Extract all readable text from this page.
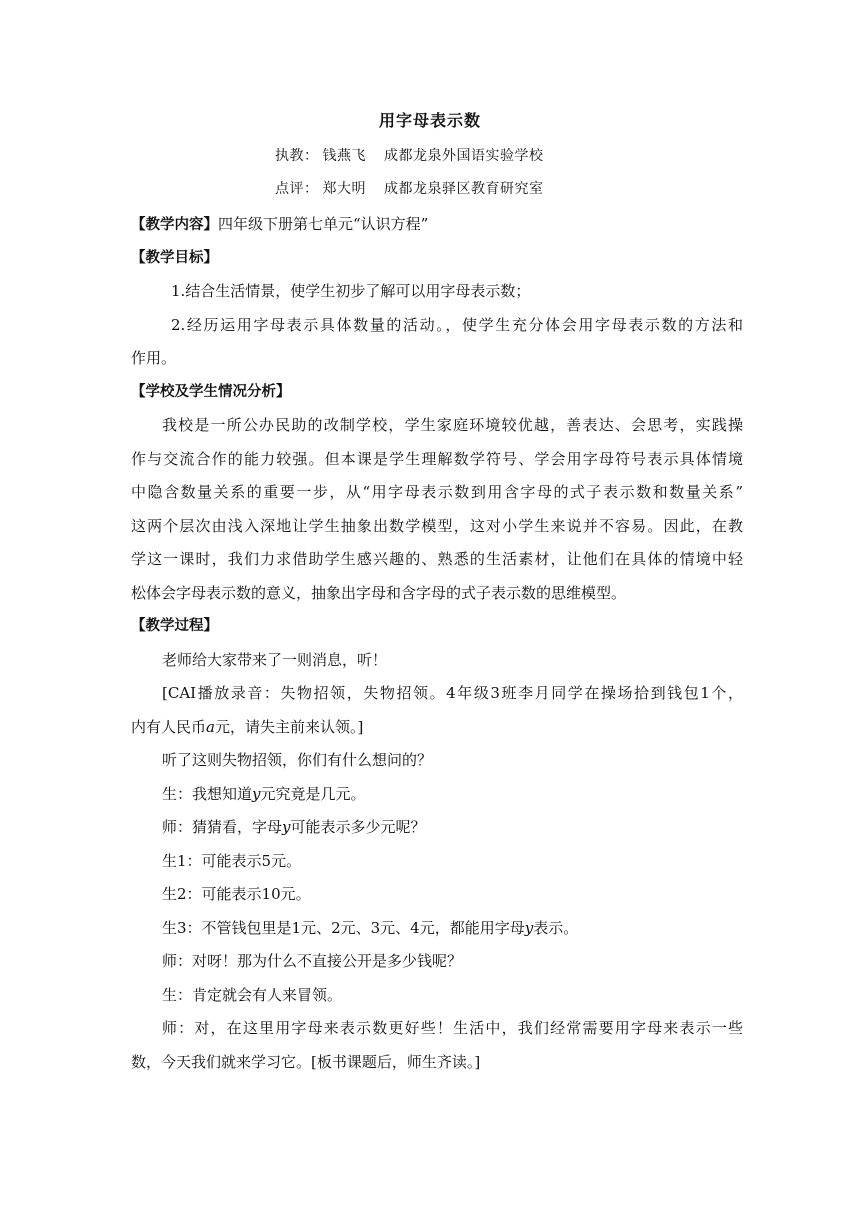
用字母表示数
执教： 钱燕飞 成都龙泉外国语实验学校
点评： 郑大明 成都龙泉驿区教育研究室
【教学内容】四年级下册第七单元“认识方程”
【教学目标】
1.结合生活情景，使学生初步了解可以用字母表示数；
2.经历运用字母表示具体数量的活动。，使学生充分体会用字母表示数的方法和
作用。
【学校及学生情况分析】
我校是一所公办民助的改制学校，学生家庭环境较优越，善表达、会思考，实践操
作与交流合作的能力较强。但本课是学生理解数学符号、学会用字母符号表示具体情境
中隐含数量关系的重要一步，从“用字母表示数到用含字母的式子表示数和数量关系”
这两个层次由浅入深地让学生抽象出数学模型，这对小学生来说并不容易。因此，在教
学这一课时，我们力求借助学生感兴趣的、熟悉的生活素材，让他们在具体的情境中轻
松体会字母表示数的意义，抽象出字母和含字母的式子表示数的思维模型。
【教学过程】
老师给大家带来了一则消息，听！
[CAI播放录音：失物招领，失物招领。4年级3班李月同学在操场拾到钱包1个，
内有人民币a元，请失主前来认领。]
听了这则失物招领，你们有什么想问的？
生：我想知道y元究竟是几元。
师：猜猜看，字母y可能表示多少元呢？
生1：可能表示5元。
生2：可能表示10元。
生3：不管钱包里是1元、2元、3元、4元，都能用字母y表示。
师：对呀！那为什么不直接公开是多少钱呢？
生：肯定就会有人来冒领。
师：对，在这里用字母来表示数更好些！生活中，我们经常需要用字母来表示一些
数，今天我们就来学习它。[板书课题后，师生齐读。]
